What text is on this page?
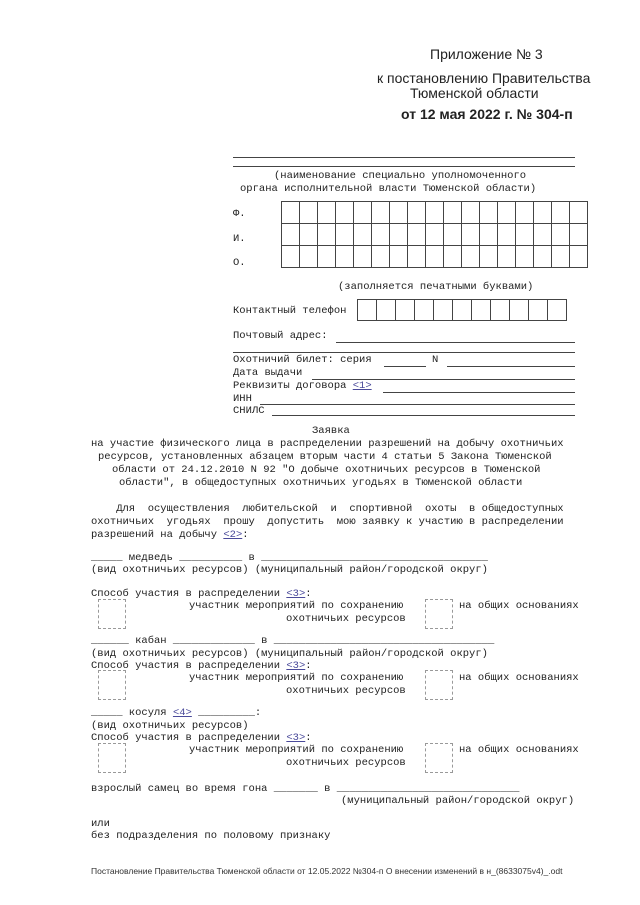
Приложение № 3
к постановлению Правительства
Тюменской области
от 12 мая 2022 г. № 304-п
(наименование специально уполномоченного
органа исполнительной власти Тюменской области)
Ф.
И.
О.

(заполняется печатными буквами)
Контактный телефон

Почтовый адрес:
Охотничий билет: серия	N
Дата выдачи
Реквизиты договора <1>
ИНН
СНИЛС
Заявка
на участие физического лица в распределении разрешений на добычу охотничьих
ресурсов, установленных абзацем вторым части 4 статьи 5 Закона Тюменской
области от 24.12.2010 N 92 "О добыче охотничьих ресурсов в Тюменской
области", в общедоступных охотничьих угодьях в Тюменской области
Для  осуществления  любительской  и  спортивной  охоты  в общедоступных
охотничьих  угодьях  прошу  допустить  мою заявку к участию в распределении
разрешений на добычу <2>:
_____ медведь __________ в ____________________________________
(вид охотничьих ресурсов) (муниципальный район/городской округ)
Способ участия в распределении <3>:
участник мероприятий по сохранению
охотничьих ресурсов
на общих основаниях
______ кабан _____________ в ___________________________________
(вид охотничьих ресурсов) (муниципальный район/городской округ)
Способ участия в распределении <3>:
участник мероприятий по сохранению
охотничьих ресурсов
на общих основаниях
_____ косуля <4> _________:
(вид охотничьих ресурсов)
Способ участия в распределении <3>:
участник мероприятий по сохранению
охотничьих ресурсов
на общих основаниях
взрослый самец во время гона _______ в _____________________________
(муниципальный район/городской округ)
или
без подразделения по половому признаку
Постановление Правительства Тюменской области от 12.05.2022 №304-п О внесении изменений в н_(8633075v4)_.odt
